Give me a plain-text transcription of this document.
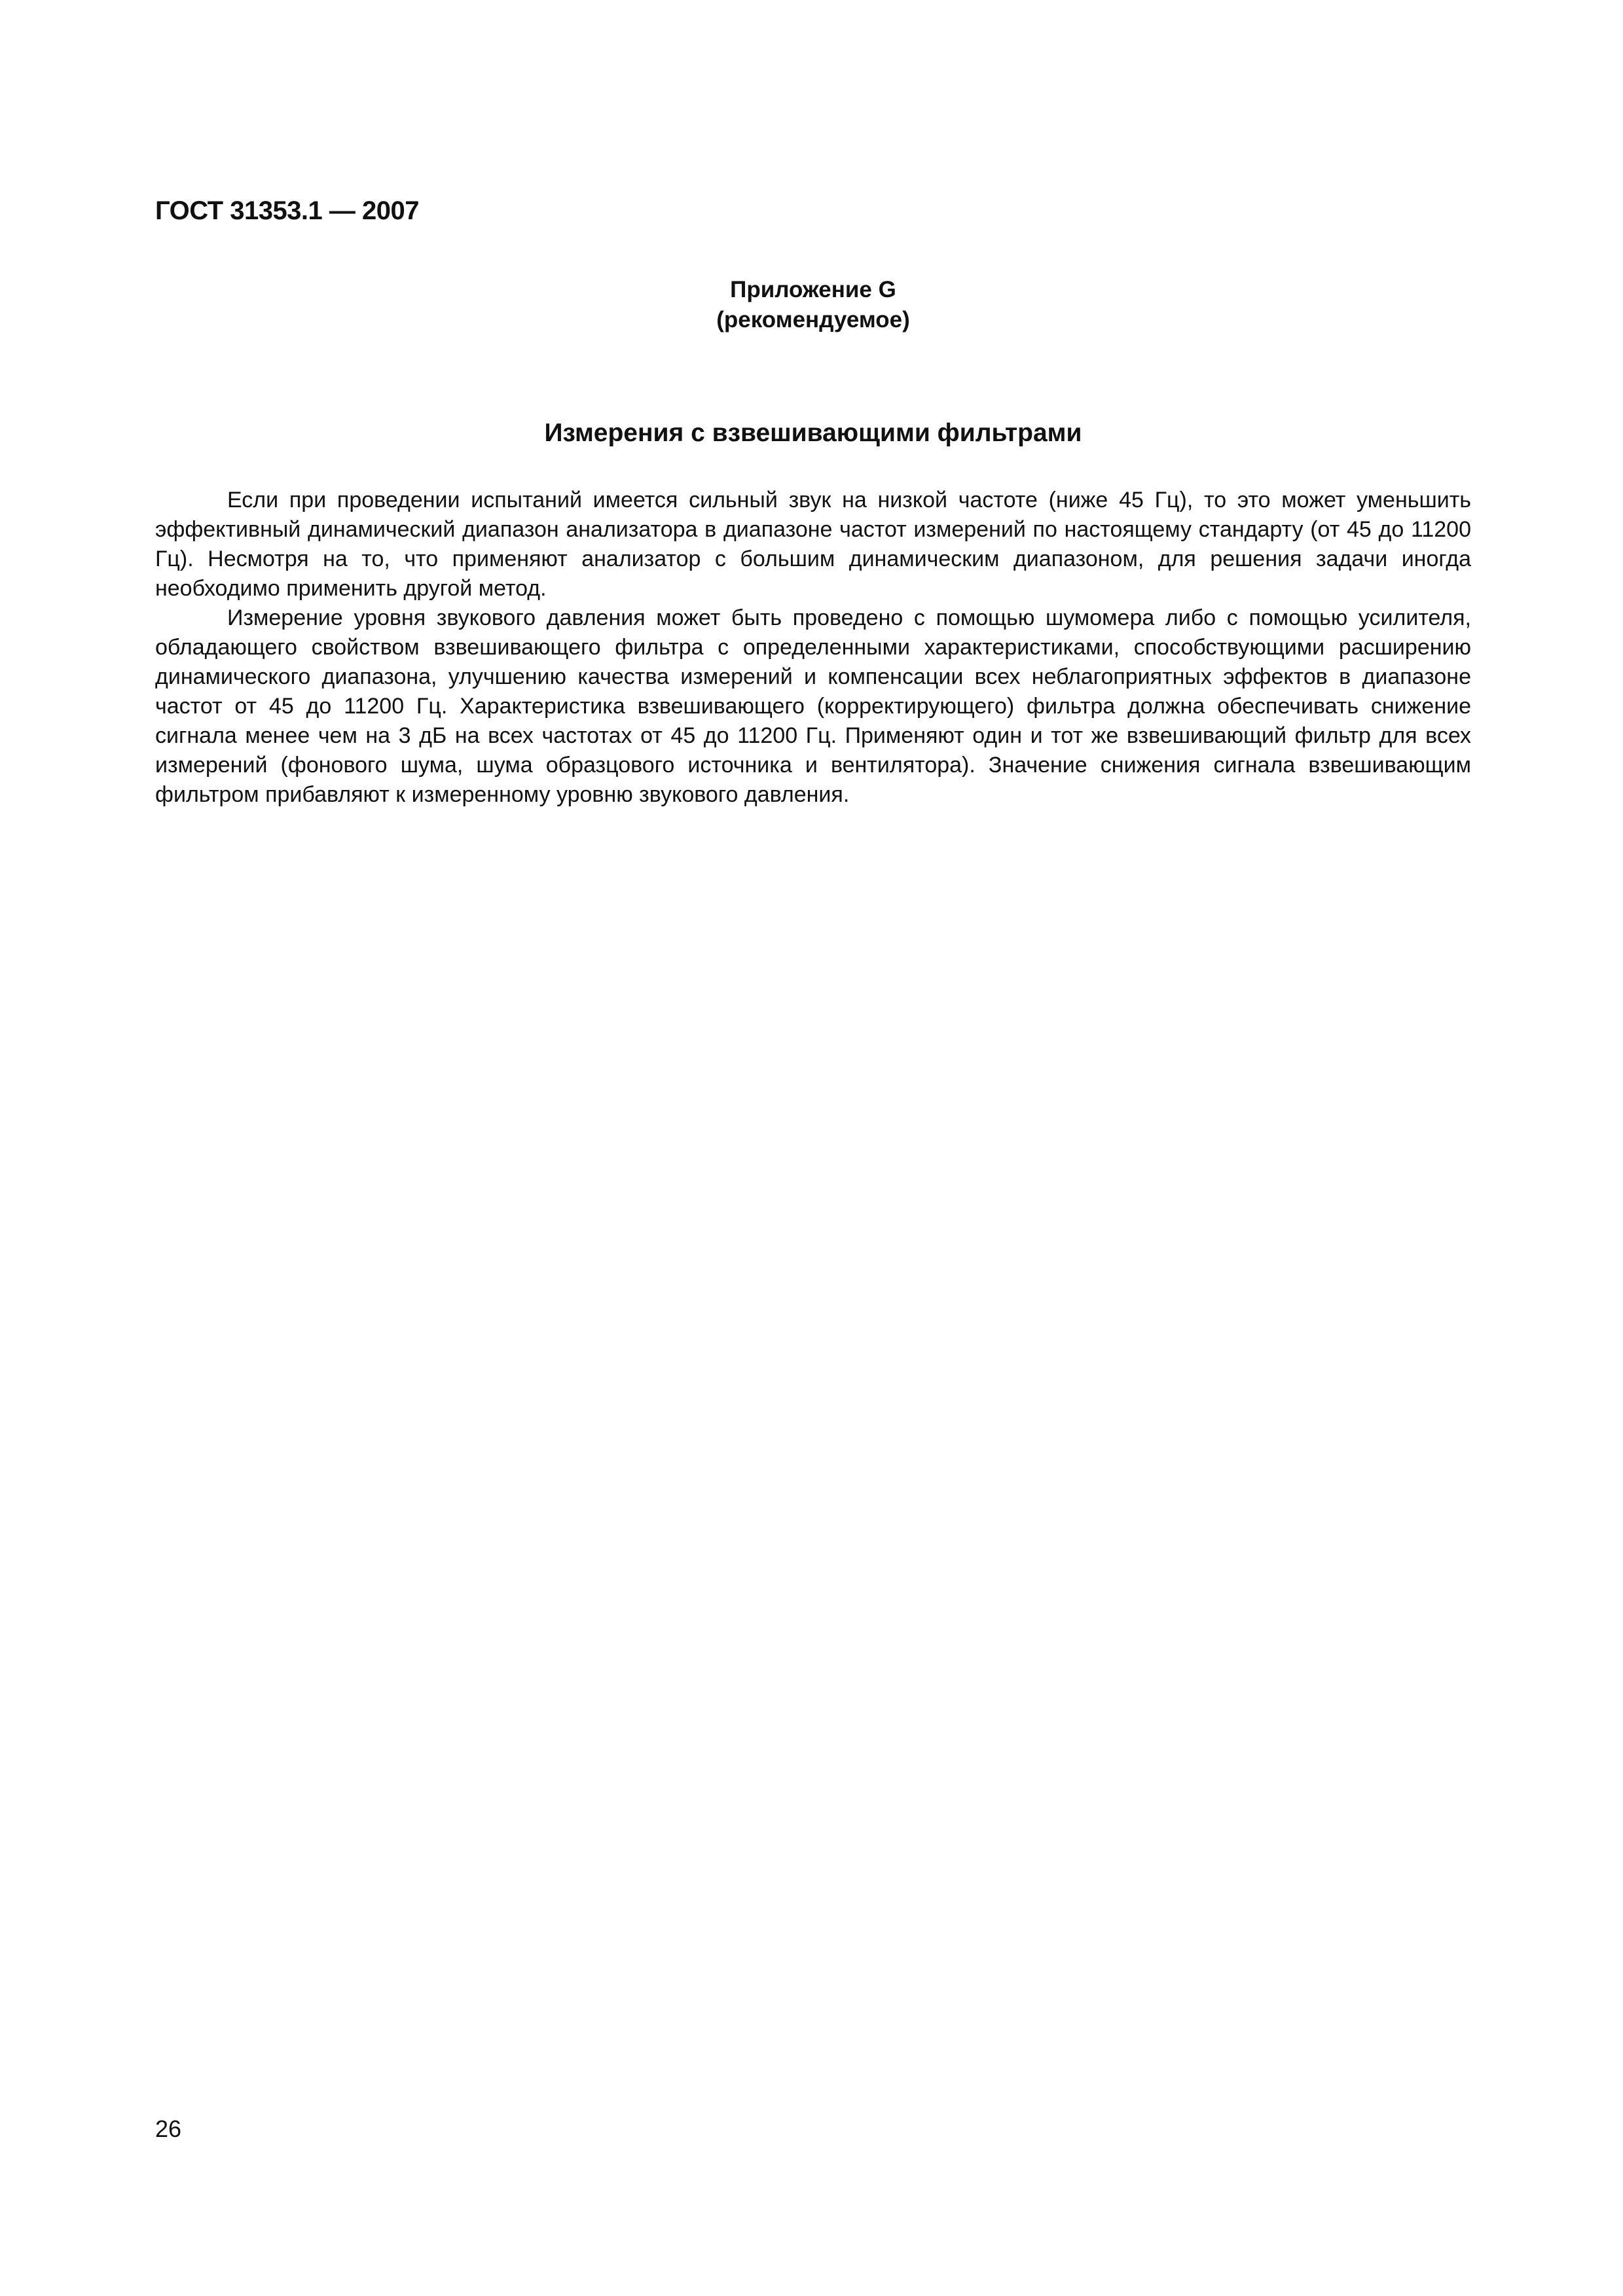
ГОСТ 31353.1 — 2007
Приложение G
(рекомендуемое)
Измерения с взвешивающими фильтрами

Если при проведении испытаний имеется сильный звук на низкой частоте (ниже 45 Гц), то это может уменьшить эффективный динамический диапазон анализатора в диапазоне частот измерений по настоящему стандарту (от 45 до 11200 Гц). Несмотря на то, что применяют анализатор с большим динамическим диапазоном, для решения задачи иногда необходимо применить другой метод.

Измерение уровня звукового давления может быть проведено с помощью шумомера либо с помощью усилителя, обладающего свойством взвешивающего фильтра с определенными характеристиками, способствующими расширению динамического диапазона, улучшению качества измерений и компенсации всех неблагоприятных эффектов в диапазоне частот от 45 до 11200 Гц. Характеристика взвешивающего (корректирующего) фильтра должна обеспечивать снижение сигнала менее чем на 3 дБ на всех частотах от 45 до 11200 Гц. Применяют один и тот же взвешивающий фильтр для всех измерений (фонового шума, шума образцового источника и вентилятора). Значение снижения сигнала взвешивающим фильтром прибавляют к измеренному уровню звукового давления.

26
